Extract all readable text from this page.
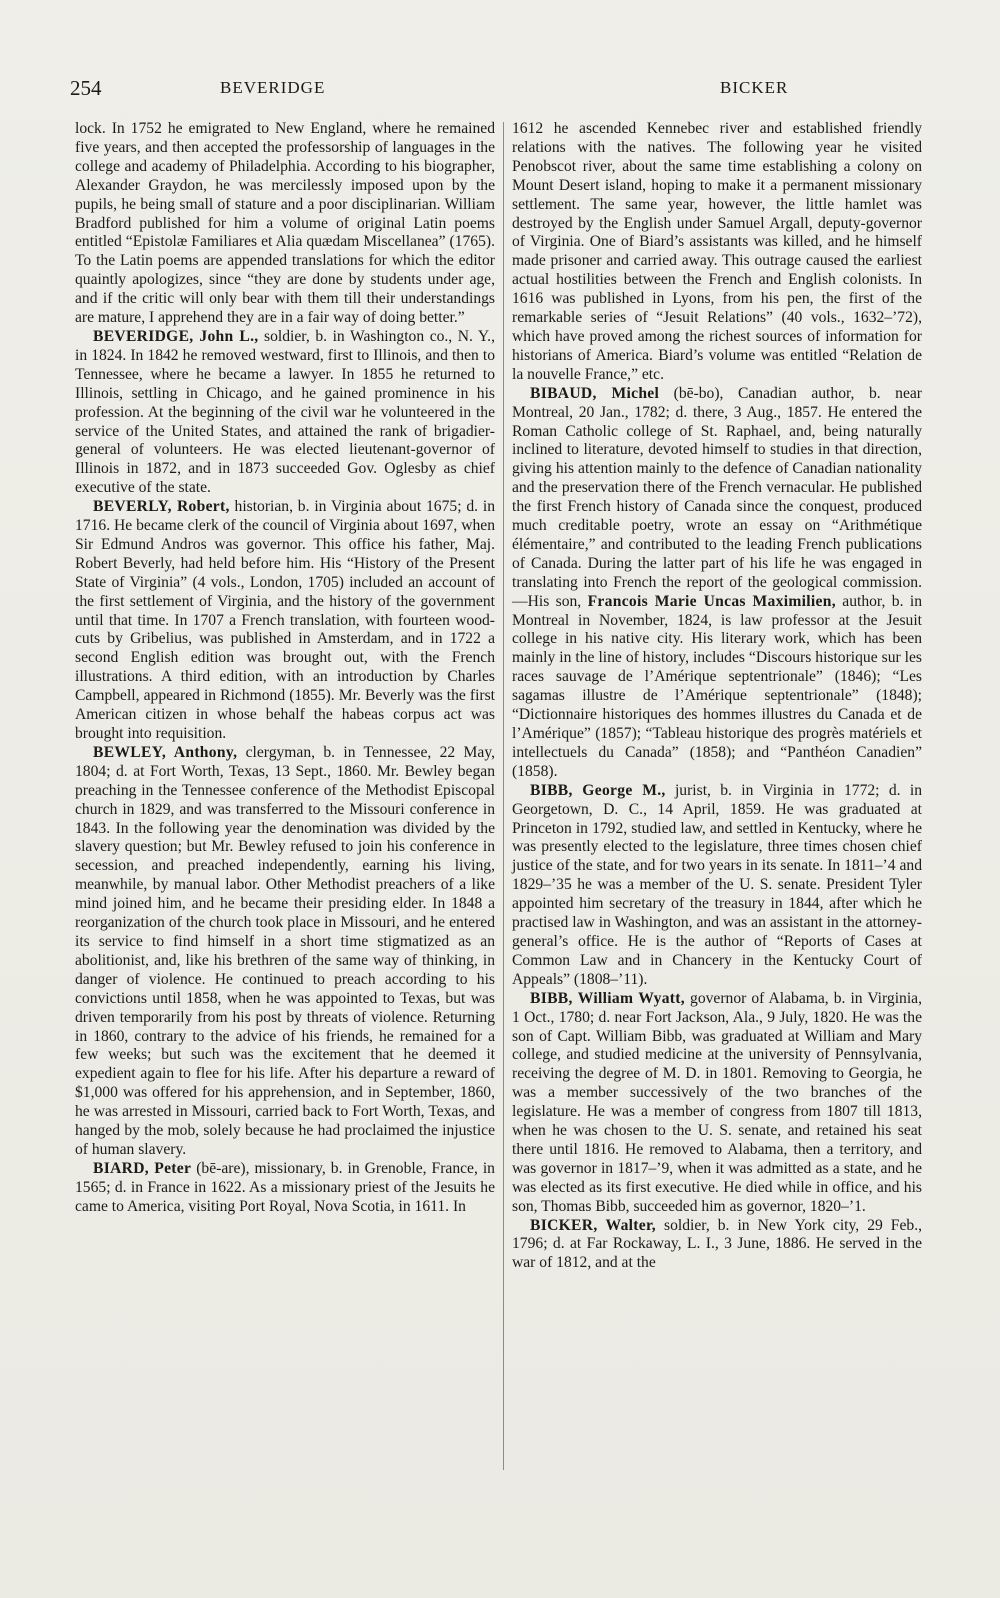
254	BEVERIDGE	BICKER

lock. In 1752 he emigrated to New England, where he remained five years, and then accepted the professorship of languages in the college and academy of Philadelphia. According to his biographer, Alexander Graydon, he was mercilessly imposed upon by the pupils, he being small of stature and a poor disciplinarian. William Bradford published for him a volume of original Latin poems entitled “Epistolæ Familiares et Alia quædam Miscellanea” (1765). To the Latin poems are appended translations for which the editor quaintly apologizes, since “they are done by students under age, and if the critic will only bear with them till their understandings are mature, I apprehend they are in a fair way of doing better.”

BEVERIDGE, John L., soldier, b. in Washington co., N. Y., in 1824. In 1842 he removed westward, first to Illinois, and then to Tennessee, where he became a lawyer. In 1855 he returned to Illinois, settling in Chicago, and he gained prominence in his profession. At the beginning of the civil war he volunteered in the service of the United States, and attained the rank of brigadier-general of volunteers. He was elected lieutenant-governor of Illinois in 1872, and in 1873 succeeded Gov. Oglesby as chief executive of the state.

BEVERLY, Robert, historian, b. in Virginia about 1675; d. in 1716. He became clerk of the council of Virginia about 1697, when Sir Edmund Andros was governor. This office his father, Maj. Robert Beverly, had held before him. His “History of the Present State of Virginia” (4 vols., London, 1705) included an account of the first settlement of Virginia, and the history of the government until that time. In 1707 a French translation, with fourteen wood-cuts by Gribelius, was published in Amsterdam, and in 1722 a second English edition was brought out, with the French illustrations. A third edition, with an introduction by Charles Campbell, appeared in Richmond (1855). Mr. Beverly was the first American citizen in whose behalf the habeas corpus act was brought into requisition.

BEWLEY, Anthony, clergyman, b. in Tennessee, 22 May, 1804; d. at Fort Worth, Texas, 13 Sept., 1860. Mr. Bewley began preaching in the Tennessee conference of the Methodist Episcopal church in 1829, and was transferred to the Missouri conference in 1843. In the following year the denomination was divided by the slavery question; but Mr. Bewley refused to join his conference in secession, and preached independently, earning his living, meanwhile, by manual labor. Other Methodist preachers of a like mind joined him, and he became their presiding elder. In 1848 a reorganization of the church took place in Missouri, and he entered its service to find himself in a short time stigmatized as an abolitionist, and, like his brethren of the same way of thinking, in danger of violence. He continued to preach according to his convictions until 1858, when he was appointed to Texas, but was driven temporarily from his post by threats of violence. Returning in 1860, contrary to the advice of his friends, he remained for a few weeks; but such was the excitement that he deemed it expedient again to flee for his life. After his departure a reward of $1,000 was offered for his apprehension, and in September, 1860, he was arrested in Missouri, carried back to Fort Worth, Texas, and hanged by the mob, solely because he had proclaimed the injustice of human slavery.

BIARD, Peter (bē-are), missionary, b. in Grenoble, France, in 1565; d. in France in 1622. As a missionary priest of the Jesuits he came to America, visiting Port Royal, Nova Scotia, in 1611. In

1612 he ascended Kennebec river and established friendly relations with the natives. The following year he visited Penobscot river, about the same time establishing a colony on Mount Desert island, hoping to make it a permanent missionary settlement. The same year, however, the little hamlet was destroyed by the English under Samuel Argall, deputy-governor of Virginia. One of Biard’s assistants was killed, and he himself made prisoner and carried away. This outrage caused the earliest actual hostilities between the French and English colonists. In 1616 was published in Lyons, from his pen, the first of the remarkable series of “Jesuit Relations” (40 vols., 1632–’72), which have proved among the richest sources of information for historians of America. Biard’s volume was entitled “Relation de la nouvelle France,” etc.

BIBAUD, Michel (bē-bo), Canadian author, b. near Montreal, 20 Jan., 1782; d. there, 3 Aug., 1857. He entered the Roman Catholic college of St. Raphael, and, being naturally inclined to literature, devoted himself to studies in that direction, giving his attention mainly to the defence of Canadian nationality and the preservation there of the French vernacular. He published the first French history of Canada since the conquest, produced much creditable poetry, wrote an essay on “Arithmétique élémentaire,” and contributed to the leading French publications of Canada. During the latter part of his life he was engaged in translating into French the report of the geological commission.—His son, Francois Marie Uncas Maximilien, author, b. in Montreal in November, 1824, is law professor at the Jesuit college in his native city. His literary work, which has been mainly in the line of history, includes “Discours historique sur les races sauvage de l’Amérique septentrionale” (1846); “Les sagamas illustre de l’Amérique septentrionale” (1848); “Dictionnaire historiques des hommes illustres du Canada et de l’Amérique” (1857); “Tableau historique des progrès matériels et intellectuels du Canada” (1858); and “Panthéon Canadien” (1858).

BIBB, George M., jurist, b. in Virginia in 1772; d. in Georgetown, D. C., 14 April, 1859. He was graduated at Princeton in 1792, studied law, and settled in Kentucky, where he was presently elected to the legislature, three times chosen chief justice of the state, and for two years in its senate. In 1811–’4 and 1829–’35 he was a member of the U. S. senate. President Tyler appointed him secretary of the treasury in 1844, after which he practised law in Washington, and was an assistant in the attorney-general’s office. He is the author of “Reports of Cases at Common Law and in Chancery in the Kentucky Court of Appeals” (1808–’11).

BIBB, William Wyatt, governor of Alabama, b. in Virginia, 1 Oct., 1780; d. near Fort Jackson, Ala., 9 July, 1820. He was the son of Capt. William Bibb, was graduated at William and Mary college, and studied medicine at the university of Pennsylvania, receiving the degree of M. D. in 1801. Removing to Georgia, he was a member successively of the two branches of the legislature. He was a member of congress from 1807 till 1813, when he was chosen to the U. S. senate, and retained his seat there until 1816. He removed to Alabama, then a territory, and was governor in 1817–’9, when it was admitted as a state, and he was elected as its first executive. He died while in office, and his son, Thomas Bibb, succeeded him as governor, 1820–’1.

BICKER, Walter, soldier, b. in New York city, 29 Feb., 1796; d. at Far Rockaway, L. I., 3 June, 1886. He served in the war of 1812, and at the
